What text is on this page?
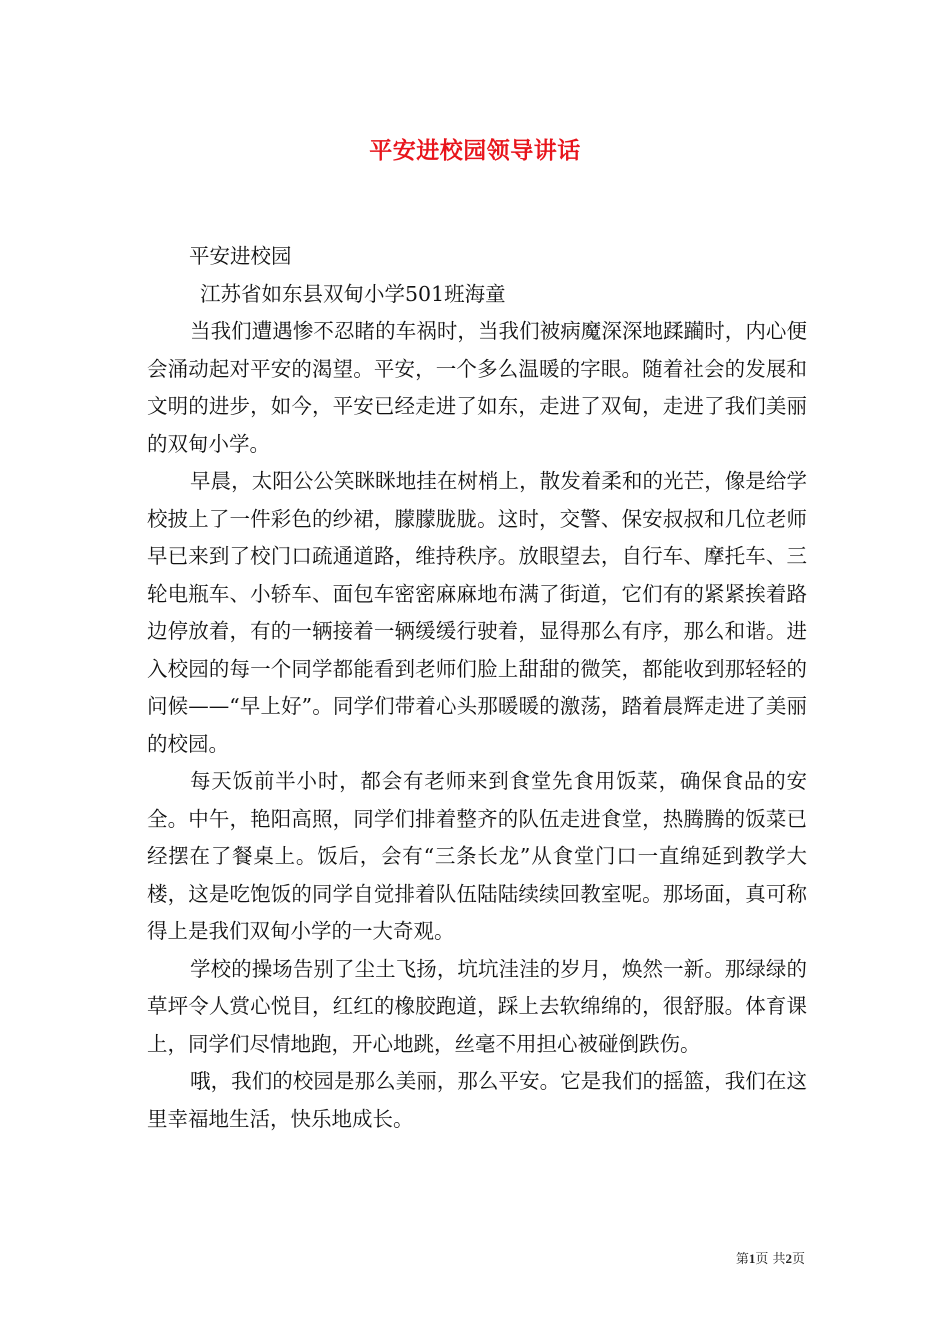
平安进校园领导讲话

平安进校园

江苏省如东县双甸小学501班海童

当我们遭遇惨不忍睹的车祸时，当我们被病魔深深地蹂躏时，内心便会涌动起对平安的渴望。平安，一个多么温暖的字眼。随着社会的发展和文明的进步，如今，平安已经走进了如东，走进了双甸，走进了我们美丽的双甸小学。

早晨，太阳公公笑眯眯地挂在树梢上，散发着柔和的光芒，像是给学校披上了一件彩色的纱裙，朦朦胧胧。这时，交警、保安叔叔和几位老师早已来到了校门口疏通道路，维持秩序。放眼望去，自行车、摩托车、三轮电瓶车、小轿车、面包车密密麻麻地布满了街道，它们有的紧紧挨着路边停放着，有的一辆接着一辆缓缓行驶着，显得那么有序，那么和谐。进入校园的每一个同学都能看到老师们脸上甜甜的微笑，都能收到那轻轻的问候——“早上好”。同学们带着心头那暖暖的激荡，踏着晨辉走进了美丽的校园。

每天饭前半小时，都会有老师来到食堂先食用饭菜，确保食品的安全。中午，艳阳高照，同学们排着整齐的队伍走进食堂，热腾腾的饭菜已经摆在了餐桌上。饭后，会有“三条长龙”从食堂门口一直绵延到教学大楼，这是吃饱饭的同学自觉排着队伍陆陆续续回教室呢。那场面，真可称得上是我们双甸小学的一大奇观。

学校的操场告别了尘土飞扬，坑坑洼洼的岁月，焕然一新。那绿绿的草坪令人赏心悦目，红红的橡胶跑道，踩上去软绵绵的，很舒服。体育课上，同学们尽情地跑，开心地跳，丝毫不用担心被碰倒跌伤。

哦，我们的校园是那么美丽，那么平安。它是我们的摇篮，我们在这里幸福地生活，快乐地成长。

第1页 共2页
